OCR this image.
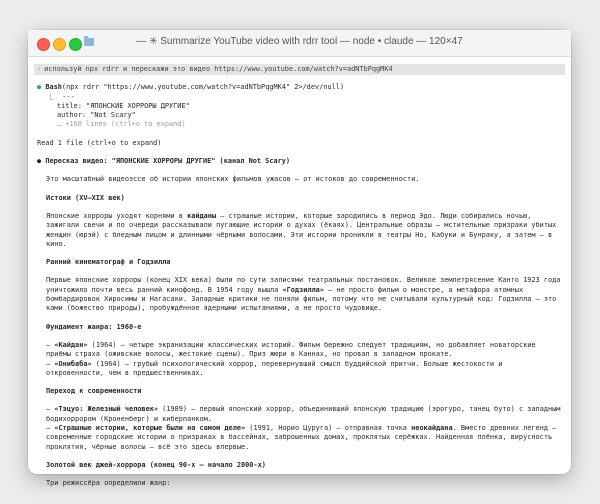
— ✳ Summarize YouTube video with rdrr tool — node • claude — 120×47
› используй npx rdrr и перескажи это видео https://www.youtube.com/watch?v=adNTbPqgMK4
● Bash(npx rdrr "https://www.youtube.com/watch?v=adNTbPqgMK4" 2>/dev/null)
⎿  ---
title: "ЯПОНСКИЕ ХОРРОРЫ ДРУГИЕ"
author: "Not Scary"
… +160 lines (ctrl+o to expand)
Read 1 file (ctrl+o to expand)
● Пересказ видео: "ЯПОНСКИЕ ХОРРОРЫ ДРУГИЕ" (канал Not Scary)

Это масштабный видеоэссе об истории японских фильмов ужасов — от истоков до современности.

Истоки (XV–XIX век)

Японские хорроры уходят корнями в кайданы — страшные истории, которые зародились в период Эдо. Люди собирались ночью, зажигали свечи и по очереди рассказывали пугающие истории о духах (ёкаях). Центральные образы — мстительные призраки убитых женщин (юрэй) с бледным лицом и длинными чёрными волосами. Эти истории проникли в театры Но, Кабуки и Бунраку, а затем — в кино.

Ранний кинематограф и Годзилла

Первые японские хорроры (конец XIX века) были по сути записями театральных постановок. Великое землетрясение Канто 1923 года уничтожило почти весь ранний кинофонд. В 1954 году вышла «Годзилла» — не просто фильм о монстре, а метафора атомных бомбардировок Хиросимы и Нагасаки. Западные критики не поняли фильм, потому что не считывали культурный код: Годзилла — это ками (божество природы), пробуждённое ядерными испытаниями, а не просто чудовище.

Фундамент жанра: 1960-е

– «Кайдан» (1964) — четыре экранизации классических историй. Фильм бережно следует традициям, но добавляет новаторские приёмы страха (оживские волосы, жестокие сцены). Приз жюри в Каннах, но провал в западном прокате.

– «Онибаба» (1964) — грубый психологический хоррор, перевернувший смысл буддийской притчи. Больше жестокости и откровенности, чем в предшественниках.

Переход к современности

– «Тэцуо: Железный человек» (1989) — первый японский хоррор, объединивший японскую традицию (эрогуро, танец буто) с западным бодихоррором (Кроненберг) и киберпанком.

– «Страшные истории, которые были на самом деле» (1991, Норио Цуруга) — отправная точка неокайдана. Вместо древних легенд — современные городские истории о призраках в бассейнах, заброшенных домах, проклятых серёжках. Найденная плёнка, вирусность проклятия, чёрные волосы — всё это здесь впервые.

Золотой век джей-хоррора (конец 90-х — начало 2000-х)

Три режиссёра определили жанр:
